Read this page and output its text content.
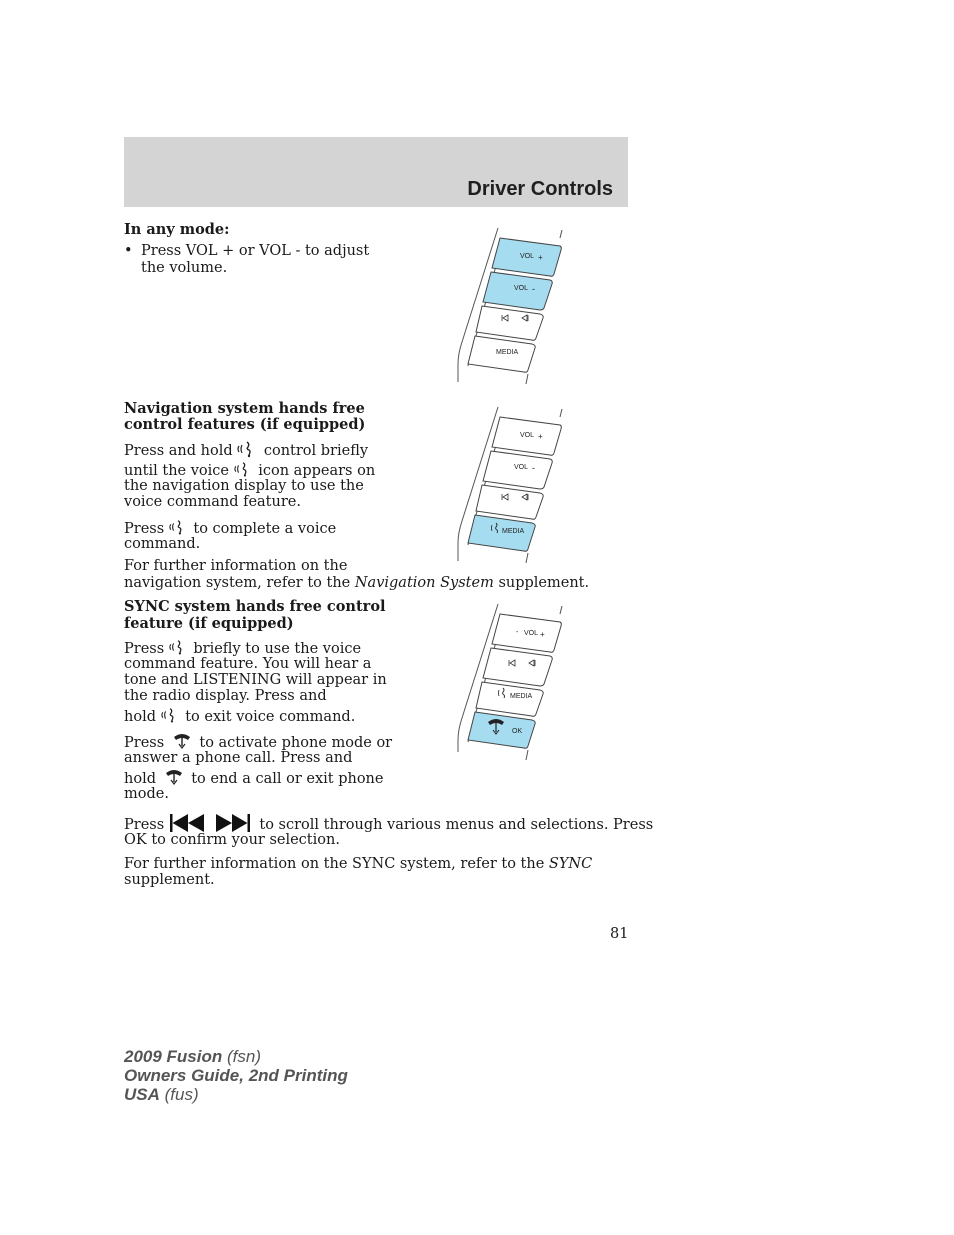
Driver Controls
In any mode:
• Press VOL + or VOL - to adjust
the volume.
VOL +
VOL -
MEDIA
Navigation system hands free
control features (if equipped)
Press and hold control briefly
until the voice icon appears on
the navigation display to use the
voice command feature.
Press to complete a voice
command.
For further information on the
navigation system, refer to the Navigation System supplement.
VOL +
VOL -
MEDIA
SYNC system hands free control
feature (if equipped)
Press briefly to use the voice
command feature. You will hear a
tone and LISTENING will appear in
the radio display. Press and
hold to exit voice command.
Press to activate phone mode or
answer a phone call. Press and
hold to end a call or exit phone
mode.
- VOL +
MEDIA
OK
Press	to scroll through various menus and selections. Press
OK to confirm your selection.
For further information on the SYNC system, refer to the SYNC
supplement.
81
2009 Fusion (fsn)
Owners Guide, 2nd Printing
USA (fus)
